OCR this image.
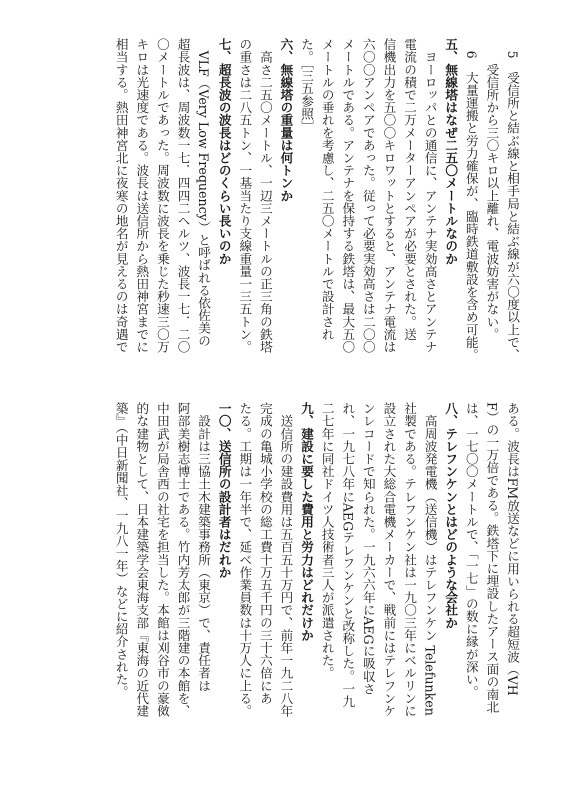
　5　受信所と結ぶ線と相手局と結ぶ線が六〇度以上で、
　　受信所から三〇キロ以上離れ、電波妨害がない。
　6　大量運搬と労力確保が、臨時鉄道敷設を含め可能。
五、無線塔はなぜ二五〇メートルなのか
　ヨーロッパとの通信に、アンテナ実効高さとアンテナ
電流の積で二万メーターアンペアが必要とされた。送
信機出力を五〇〇キロワットとすると、アンテナ電流は
六〇〇アンペアであった。従って必要実効高さは二〇〇
メートルである。アンテナを保持する鉄塔は、最大五〇
メートルの垂れを考慮し、二五〇メートルで設計され
た。［三五参照］
六、無線塔の重量は何トンか
　高さ二五〇メートル、一辺三メートルの正三角の鉄塔
の重さは二八五トン、一基当たり支線重量一三五トン。
七、超長波の波長はどのくらい長いのか
　VLF（Very Low Frequency）と呼ばれる依佐美の
超長波は、周波数一七．四四二ヘルツ、波長一七．二〇
〇メートルであった。周波数に波長を乗じた秒速三〇万
キロは光速度である。波長は送信所から熱田神宮までに
相当する。熱田神宮北に夜寒の地名が見えるのは奇遇で
ある。波長はFM放送などに用いられる超短波（VH
F）の一万倍である。鉄塔下に埋設したアース面の南北
は、一七〇〇メートルで、「一七」の数に縁が深い。
八、テレフンケンとはどのような会社か
　高周波発電機（送信機）はテレフンケン Telefunken
社製である。テレフンケン社は一九〇三年にベルリンに
設立された大総合電機メーカーで、戦前にはテレフンケ
ンレコードで知られた。一九六六年にAEGに吸収さ
れ、一九七八年にAEGテレフンケンと改称した。一九
二七年に同社ドイツ人技術者三人が派遣された。
九、建設に要した費用と労力はどれだけか
　送信所の建設費用は五百五十万円で、前年一九二八年
完成の亀城小学校の総工費十万五千円の三十六倍にあ
たる。工期は一年半で、延べ作業員数は十万人に上る。
一〇、送信所の設計者はだれか
　設計は三協土木建築事務所（東京）で、責任者は
阿部美樹志博士である。竹内芳太郎が三階建の本館を、
中田武が局舎西の社宅を担当した。本館は刈谷市の豪傚
的な建物として、日本建築学会東海支部『東海の近代建
築』（中日新聞社、一九八一年）などに紹介された。
